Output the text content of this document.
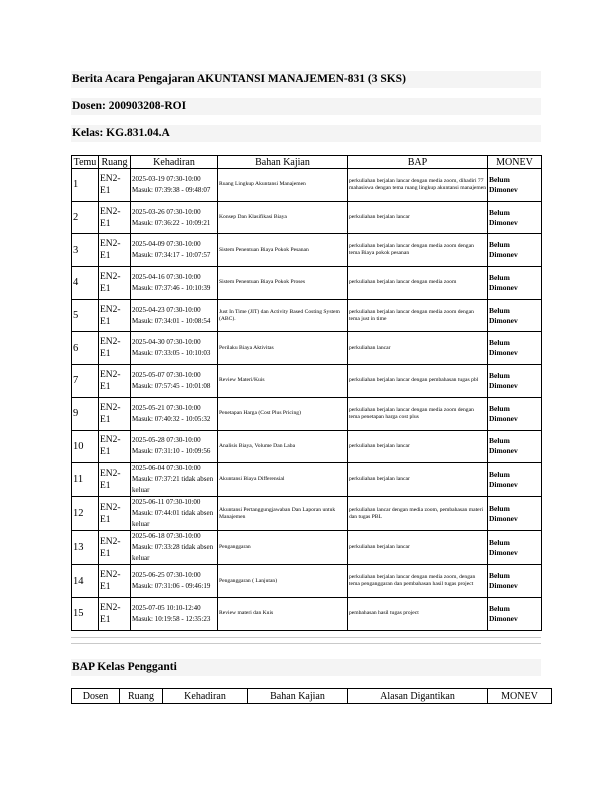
Berita Acara Pengajaran AKUNTANSI MANAJEMEN-831 (3 SKS)
Dosen: 200903208-ROI
Kelas: KG.831.04.A
Temu	Ruang	Kehadiran	Bahan Kajian	BAP	MONEV
1	EN2-E1	2025-03-19 07:30-10:00
Masuk: 07:39:38 - 09:48:07	Ruang Lingkup Akuntansi Manajemen	perkuliahan berjalan lancar dengan media zoom, dihadiri 77 mahasiswa dengan tema ruang lingkup akuntansi manajemen	Belum Dimonev
2	EN2-E1	2025-03-26 07:30-10:00
Masuk: 07:36:22 - 10:09:21	Konsep Dan Klasifikasi Biaya	perkuliahan berjalan lancar	Belum Dimonev
3	EN2-E1	2025-04-09 07:30-10:00
Masuk: 07:34:17 - 10:07:57	Sistem Penentuan Biaya Pokok Pesanan	perkuliahan berjalan lancar dengan media zoom dengan tema Biaya pokok pesanan	Belum Dimonev
4	EN2-E1	2025-04-16 07:30-10:00
Masuk: 07:37:46 - 10:10:39	Sistem Penentuan Biaya Pokok Proses	perkuliahan berjalan lancar dengan media zoom	Belum Dimonev
5	EN2-E1	2025-04-23 07:30-10:00
Masuk: 07:34:01 - 10:08:54	Just In Time (JIT) dan Activity Based Costing System (ABC).	perkuliahan berjalan lancar dengan media zoom dengan tema just in time	Belum Dimonev
6	EN2-E1	2025-04-30 07:30-10:00
Masuk: 07:33:05 - 10:10:03	Perilaku Biaya Aktivitas	perkuliahan lancar	Belum Dimonev
7	EN2-E1	2025-05-07 07:30-10:00
Masuk: 07:57:45 - 10:01:08	Review Materi/Kuis	perkuliahan berjalan lancar dengan pembahasan tugas pbl	Belum Dimonev
9	EN2-E1	2025-05-21 07:30-10:00
Masuk: 07:40:32 - 10:05:32	Penetapan Harga (Cost Plus Pricing)	perkuliahan berjalan lancar dengan media zoom dengan tema penetapan harga cost plus	Belum Dimonev
10	EN2-E1	2025-05-28 07:30-10:00
Masuk: 07:31:10 - 10:09:56	Analisis Biaya, Volume Dan Laba	perkuliahan berjalan lancar	Belum Dimonev
11	EN2-E1	2025-06-04 07:30-10:00
Masuk: 07:37:21 tidak absen keluar	Akuntansi Biaya Differensial	perkuliahan berjalan lancar	Belum Dimonev
12	EN2-E1	2025-06-11 07:30-10:00
Masuk: 07:44:01 tidak absen keluar	Akuntansi Pertanggungjawaban Dan Laporan untuk Manajemen	perkuliahan lancar dengan media zoom, pembahasan materi dan tugas PBL	Belum Dimonev
13	EN2-E1	2025-06-18 07:30-10:00
Masuk: 07:33:28 tidak absen keluar	Penganggaran	perkuliahan berjalan lancar	Belum Dimonev
14	EN2-E1	2025-06-25 07:30-10:00
Masuk: 07:31:06 - 09:46:19	Penganggaran ( Lanjutan)	perkuliahan berjalan lancar dengan media zoom, dengan tema penganggaran dan pembahasan hasil tugas project	Belum Dimonev
15	EN2-E1	2025-07-05 10:10-12:40
Masuk: 10:19:58 - 12:35:23	Review materi dan Kuis	pembahasan hasil tugas project	Belum Dimonev
BAP Kelas Pengganti
Dosen	Ruang	Kehadiran	Bahan Kajian	Alasan Digantikan	MONEV
